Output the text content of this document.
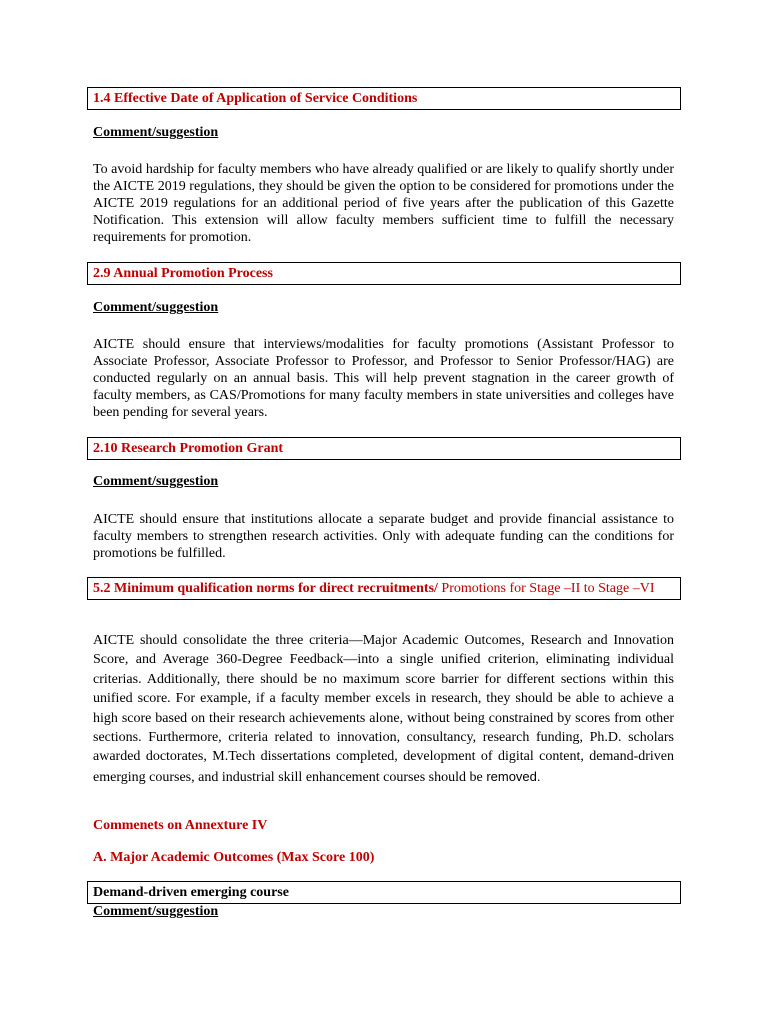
1.4 Effective Date of Application of Service Conditions
Comment/suggestion
To avoid hardship for faculty members who have already qualified or are likely to qualify shortly under the AICTE 2019 regulations, they should be given the option to be considered for promotions under the AICTE 2019 regulations for an additional period of five years after the publication of this Gazette Notification. This extension will allow faculty members sufficient time to fulfill the necessary requirements for promotion.
2.9 Annual Promotion Process
Comment/suggestion
AICTE should ensure that interviews/modalities for faculty promotions (Assistant Professor to Associate Professor, Associate Professor to Professor, and Professor to Senior Professor/HAG) are conducted regularly on an annual basis. This will help prevent stagnation in the career growth of faculty members, as CAS/Promotions for many faculty members in state universities and colleges have been pending for several years.
2.10 Research Promotion Grant
Comment/suggestion
AICTE should ensure that institutions allocate a separate budget and provide financial assistance to faculty members to strengthen research activities. Only with adequate funding can the conditions for promotions be fulfilled.
5.2 Minimum qualification norms for direct recruitments/ Promotions for Stage –II to Stage –VI
AICTE should consolidate the three criteria—Major Academic Outcomes, Research and Innovation Score, and Average 360-Degree Feedback—into a single unified criterion, eliminating individual criterias. Additionally, there should be no maximum score barrier for different sections within this unified score. For example, if a faculty member excels in research, they should be able to achieve a high score based on their research achievements alone, without being constrained by scores from other sections. Furthermore, criteria related to innovation, consultancy, research funding, Ph.D. scholars awarded doctorates, M.Tech dissertations completed, development of digital content, demand-driven emerging courses, and industrial skill enhancement courses should be removed.
Commenets on Annexture IV
A. Major Academic Outcomes (Max Score 100)
Demand-driven emerging course
Comment/suggestion
